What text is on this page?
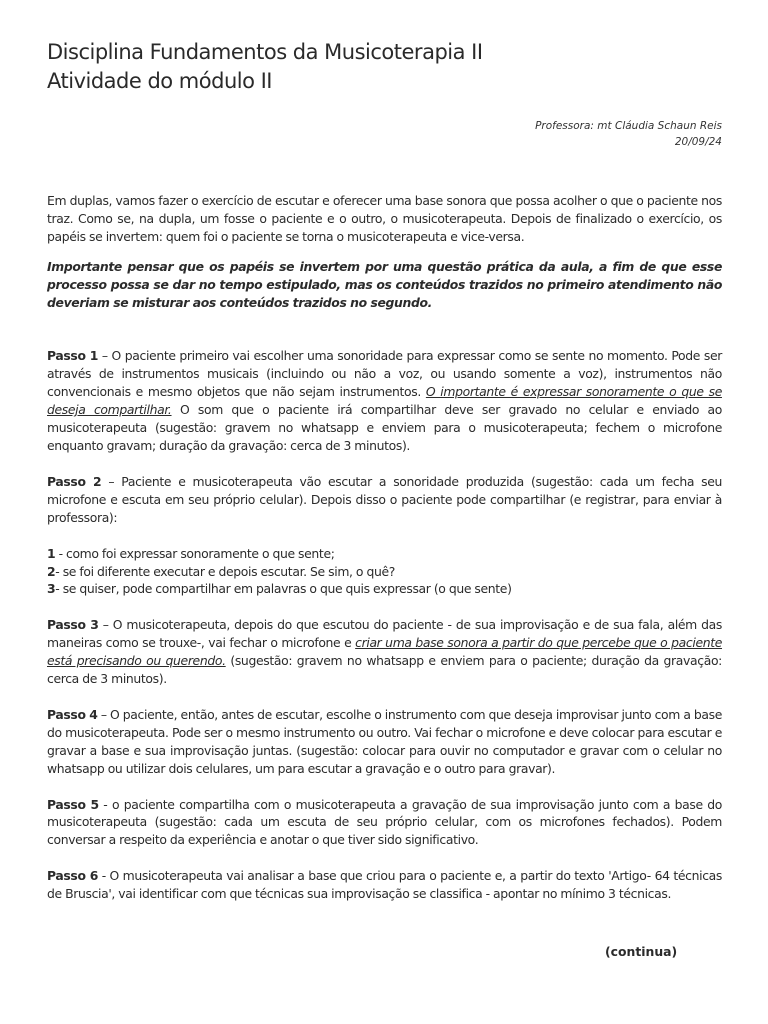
Disciplina Fundamentos da Musicoterapia II
Atividade do módulo II
Professora: mt Cláudia Schaun Reis
20/09/24

Em duplas, vamos fazer o exercício de escutar e oferecer uma base sonora que possa acolher o que o paciente nos traz. Como se, na dupla, um fosse o paciente e o outro, o musicoterapeuta. Depois de finalizado o exercício, os papéis se invertem: quem foi o paciente se torna o musicoterapeuta e vice-versa.

Importante pensar que os papéis se invertem por uma questão prática da aula, a fim de que esse processo possa se dar no tempo estipulado, mas os conteúdos trazidos no primeiro atendimento não deveriam se misturar aos conteúdos trazidos no segundo.

Passo 1 – O paciente primeiro vai escolher uma sonoridade para expressar como se sente no momento. Pode ser através de instrumentos musicais (incluindo ou não a voz, ou usando somente a voz), instrumentos não convencionais e mesmo objetos que não sejam instrumentos. O importante é expressar sonoramente o que se deseja compartilhar. O som que o paciente irá compartilhar deve ser gravado no celular e enviado ao musicoterapeuta (sugestão: gravem no whatsapp e enviem para o musicoterapeuta; fechem o microfone enquanto gravam; duração da gravação: cerca de 3 minutos).

Passo 2 – Paciente e musicoterapeuta vão escutar a sonoridade produzida (sugestão: cada um fecha seu microfone e escuta em seu próprio celular). Depois disso o paciente pode compartilhar (e registrar, para enviar à professora):

1 - como foi expressar sonoramente o que sente;
2- se foi diferente executar e depois escutar. Se sim, o quê?
3- se quiser, pode compartilhar em palavras o que quis expressar (o que sente)

Passo 3 – O musicoterapeuta, depois do que escutou do paciente - de sua improvisação e de sua fala, além das maneiras como se trouxe-, vai fechar o microfone e criar uma base sonora a partir do que percebe que o paciente está precisando ou querendo. (sugestão: gravem no whatsapp e enviem para o paciente; duração da gravação: cerca de 3 minutos).

Passo 4 – O paciente, então, antes de escutar, escolhe o instrumento com que deseja improvisar junto com a base do musicoterapeuta. Pode ser o mesmo instrumento ou outro. Vai fechar o microfone e deve colocar para escutar e gravar a base e sua improvisação juntas. (sugestão: colocar para ouvir no computador e gravar com o celular no whatsapp ou utilizar dois celulares, um para escutar a gravação e o outro para gravar).

Passo 5 - o paciente compartilha com o musicoterapeuta a gravação de sua improvisação junto com a base do musicoterapeuta (sugestão: cada um escuta de seu próprio celular, com os microfones fechados). Podem conversar a respeito da experiência e anotar o que tiver sido significativo.

Passo 6 - O musicoterapeuta vai analisar a base que criou para o paciente e, a partir do texto 'Artigo- 64 técnicas de Bruscia', vai identificar com que técnicas sua improvisação se classifica - apontar no mínimo 3 técnicas.

(continua)
